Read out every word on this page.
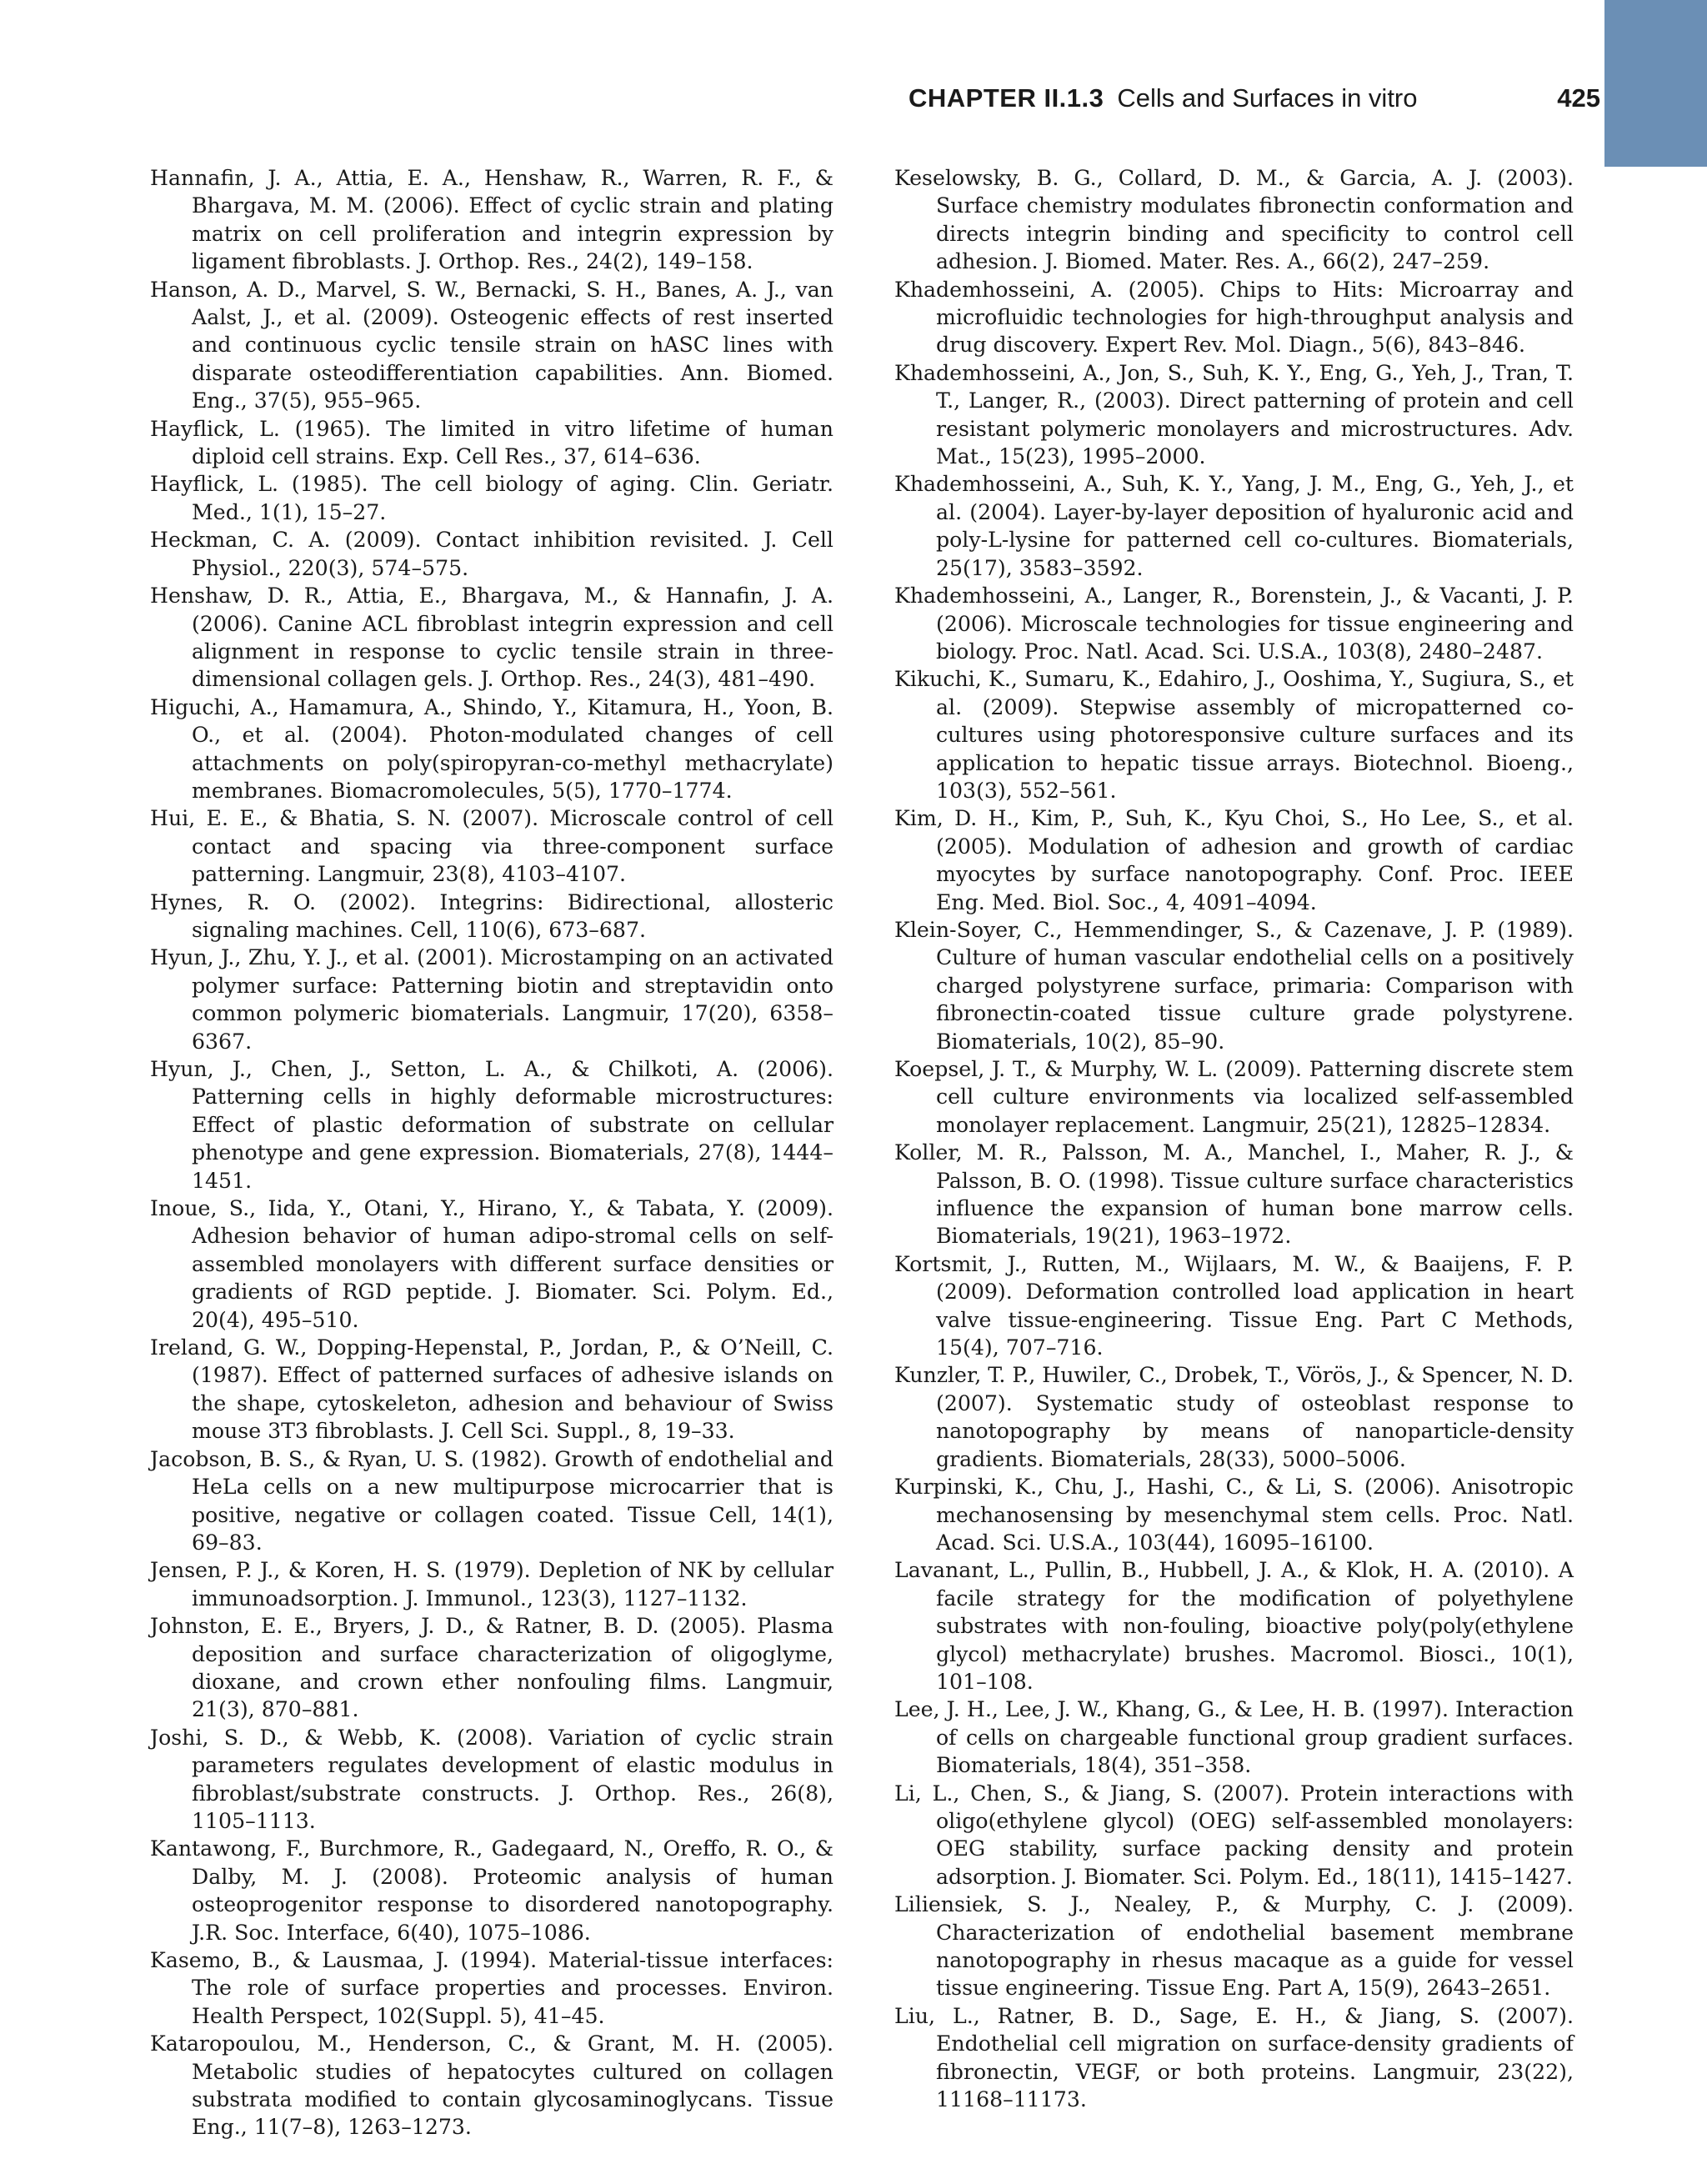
CHAPTER II.1.3 Cells and Surfaces in vitro	425

Hannafin, J. A., Attia, E. A., Henshaw, R., Warren, R. F., & Bhargava, M. M. (2006). Effect of cyclic strain and plating matrix on cell proliferation and integrin expression by ligament fibroblasts. J. Orthop. Res., 24(2), 149–158.

Hanson, A. D., Marvel, S. W., Bernacki, S. H., Banes, A. J., van Aalst, J., et al. (2009). Osteogenic effects of rest inserted and continuous cyclic tensile strain on hASC lines with disparate osteodifferentiation capabilities. Ann. Biomed. Eng., 37(5), 955–965.

Hayflick, L. (1965). The limited in vitro lifetime of human diploid cell strains. Exp. Cell Res., 37, 614–636.

Hayflick, L. (1985). The cell biology of aging. Clin. Geriatr. Med., 1(1), 15–27.

Heckman, C. A. (2009). Contact inhibition revisited. J. Cell Physiol., 220(3), 574–575.

Henshaw, D. R., Attia, E., Bhargava, M., & Hannafin, J. A. (2006). Canine ACL fibroblast integrin expression and cell alignment in response to cyclic tensile strain in three-dimensional collagen gels. J. Orthop. Res., 24(3), 481–490.

Higuchi, A., Hamamura, A., Shindo, Y., Kitamura, H., Yoon, B. O., et al. (2004). Photon-modulated changes of cell attachments on poly(spiropyran-co-methyl methacrylate) membranes. Biomacromolecules, 5(5), 1770–1774.

Hui, E. E., & Bhatia, S. N. (2007). Microscale control of cell contact and spacing via three-component surface patterning. Langmuir, 23(8), 4103–4107.

Hynes, R. O. (2002). Integrins: Bidirectional, allosteric signaling machines. Cell, 110(6), 673–687.

Hyun, J., Zhu, Y. J., et al. (2001). Microstamping on an activated polymer surface: Patterning biotin and streptavidin onto common polymeric biomaterials. Langmuir, 17(20), 6358–6367.

Hyun, J., Chen, J., Setton, L. A., & Chilkoti, A. (2006). Patterning cells in highly deformable microstructures: Effect of plastic deformation of substrate on cellular phenotype and gene expression. Biomaterials, 27(8), 1444–1451.

Inoue, S., Iida, Y., Otani, Y., Hirano, Y., & Tabata, Y. (2009). Adhesion behavior of human adipo-stromal cells on self-assembled monolayers with different surface densities or gradients of RGD peptide. J. Biomater. Sci. Polym. Ed., 20(4), 495–510.

Ireland, G. W., Dopping-Hepenstal, P., Jordan, P., & O’Neill, C. (1987). Effect of patterned surfaces of adhesive islands on the shape, cytoskeleton, adhesion and behaviour of Swiss mouse 3T3 fibroblasts. J. Cell Sci. Suppl., 8, 19–33.

Jacobson, B. S., & Ryan, U. S. (1982). Growth of endothelial and HeLa cells on a new multipurpose microcarrier that is positive, negative or collagen coated. Tissue Cell, 14(1), 69–83.

Jensen, P. J., & Koren, H. S. (1979). Depletion of NK by cellular immunoadsorption. J. Immunol., 123(3), 1127–1132.

Johnston, E. E., Bryers, J. D., & Ratner, B. D. (2005). Plasma deposition and surface characterization of oligoglyme, dioxane, and crown ether nonfouling films. Langmuir, 21(3), 870–881.

Joshi, S. D., & Webb, K. (2008). Variation of cyclic strain parameters regulates development of elastic modulus in fibroblast/substrate constructs. J. Orthop. Res., 26(8), 1105–1113.

Kantawong, F., Burchmore, R., Gadegaard, N., Oreffo, R. O., & Dalby, M. J. (2008). Proteomic analysis of human osteoprogenitor response to disordered nanotopography. J.R. Soc. Interface, 6(40), 1075–1086.

Kasemo, B., & Lausmaa, J. (1994). Material-tissue interfaces: The role of surface properties and processes. Environ. Health Perspect, 102(Suppl. 5), 41–45.

Kataropoulou, M., Henderson, C., & Grant, M. H. (2005). Metabolic studies of hepatocytes cultured on collagen substrata modified to contain glycosaminoglycans. Tissue Eng., 11(7–8), 1263–1273.

Keselowsky, B. G., Collard, D. M., & Garcia, A. J. (2003). Surface chemistry modulates fibronectin conformation and directs integrin binding and specificity to control cell adhesion. J. Biomed. Mater. Res. A., 66(2), 247–259.

Khademhosseini, A. (2005). Chips to Hits: Microarray and microfluidic technologies for high-throughput analysis and drug discovery. Expert Rev. Mol. Diagn., 5(6), 843–846.

Khademhosseini, A., Jon, S., Suh, K. Y., Eng, G., Yeh, J., Tran, T. T., Langer, R., (2003). Direct patterning of protein and cell resistant polymeric monolayers and microstructures. Adv. Mat., 15(23), 1995–2000.

Khademhosseini, A., Suh, K. Y., Yang, J. M., Eng, G., Yeh, J., et al. (2004). Layer-by-layer deposition of hyaluronic acid and poly-L-lysine for patterned cell co-cultures. Biomaterials, 25(17), 3583–3592.

Khademhosseini, A., Langer, R., Borenstein, J., & Vacanti, J. P. (2006). Microscale technologies for tissue engineering and biology. Proc. Natl. Acad. Sci. U.S.A., 103(8), 2480–2487.

Kikuchi, K., Sumaru, K., Edahiro, J., Ooshima, Y., Sugiura, S., et al. (2009). Stepwise assembly of micropatterned co-cultures using photoresponsive culture surfaces and its application to hepatic tissue arrays. Biotechnol. Bioeng., 103(3), 552–561.

Kim, D. H., Kim, P., Suh, K., Kyu Choi, S., Ho Lee, S., et al. (2005). Modulation of adhesion and growth of cardiac myocytes by surface nanotopography. Conf. Proc. IEEE Eng. Med. Biol. Soc., 4, 4091–4094.

Klein-Soyer, C., Hemmendinger, S., & Cazenave, J. P. (1989). Culture of human vascular endothelial cells on a positively charged polystyrene surface, primaria: Comparison with fibronectin-coated tissue culture grade polystyrene. Biomaterials, 10(2), 85–90.

Koepsel, J. T., & Murphy, W. L. (2009). Patterning discrete stem cell culture environments via localized self-assembled monolayer replacement. Langmuir, 25(21), 12825–12834.

Koller, M. R., Palsson, M. A., Manchel, I., Maher, R. J., & Palsson, B. O. (1998). Tissue culture surface characteristics influence the expansion of human bone marrow cells. Biomaterials, 19(21), 1963–1972.

Kortsmit, J., Rutten, M., Wijlaars, M. W., & Baaijens, F. P. (2009). Deformation controlled load application in heart valve tissue-engineering. Tissue Eng. Part C Methods, 15(4), 707–716.

Kunzler, T. P., Huwiler, C., Drobek, T., Vörös, J., & Spencer, N. D. (2007). Systematic study of osteoblast response to nanotopography by means of nanoparticle-density gradients. Biomaterials, 28(33), 5000–5006.

Kurpinski, K., Chu, J., Hashi, C., & Li, S. (2006). Anisotropic mechanosensing by mesenchymal stem cells. Proc. Natl. Acad. Sci. U.S.A., 103(44), 16095–16100.

Lavanant, L., Pullin, B., Hubbell, J. A., & Klok, H. A. (2010). A facile strategy for the modification of polyethylene substrates with non-fouling, bioactive poly(poly(ethylene glycol) methacrylate) brushes. Macromol. Biosci., 10(1), 101–108.

Lee, J. H., Lee, J. W., Khang, G., & Lee, H. B. (1997). Interaction of cells on chargeable functional group gradient surfaces. Biomaterials, 18(4), 351–358.

Li, L., Chen, S., & Jiang, S. (2007). Protein interactions with oligo(ethylene glycol) (OEG) self-assembled monolayers: OEG stability, surface packing density and protein adsorption. J. Biomater. Sci. Polym. Ed., 18(11), 1415–1427.

Liliensiek, S. J., Nealey, P., & Murphy, C. J. (2009). Characterization of endothelial basement membrane nanotopography in rhesus macaque as a guide for vessel tissue engineering. Tissue Eng. Part A, 15(9), 2643–2651.

Liu, L., Ratner, B. D., Sage, E. H., & Jiang, S. (2007). Endothelial cell migration on surface-density gradients of fibronectin, VEGF, or both proteins. Langmuir, 23(22), 11168–11173.
